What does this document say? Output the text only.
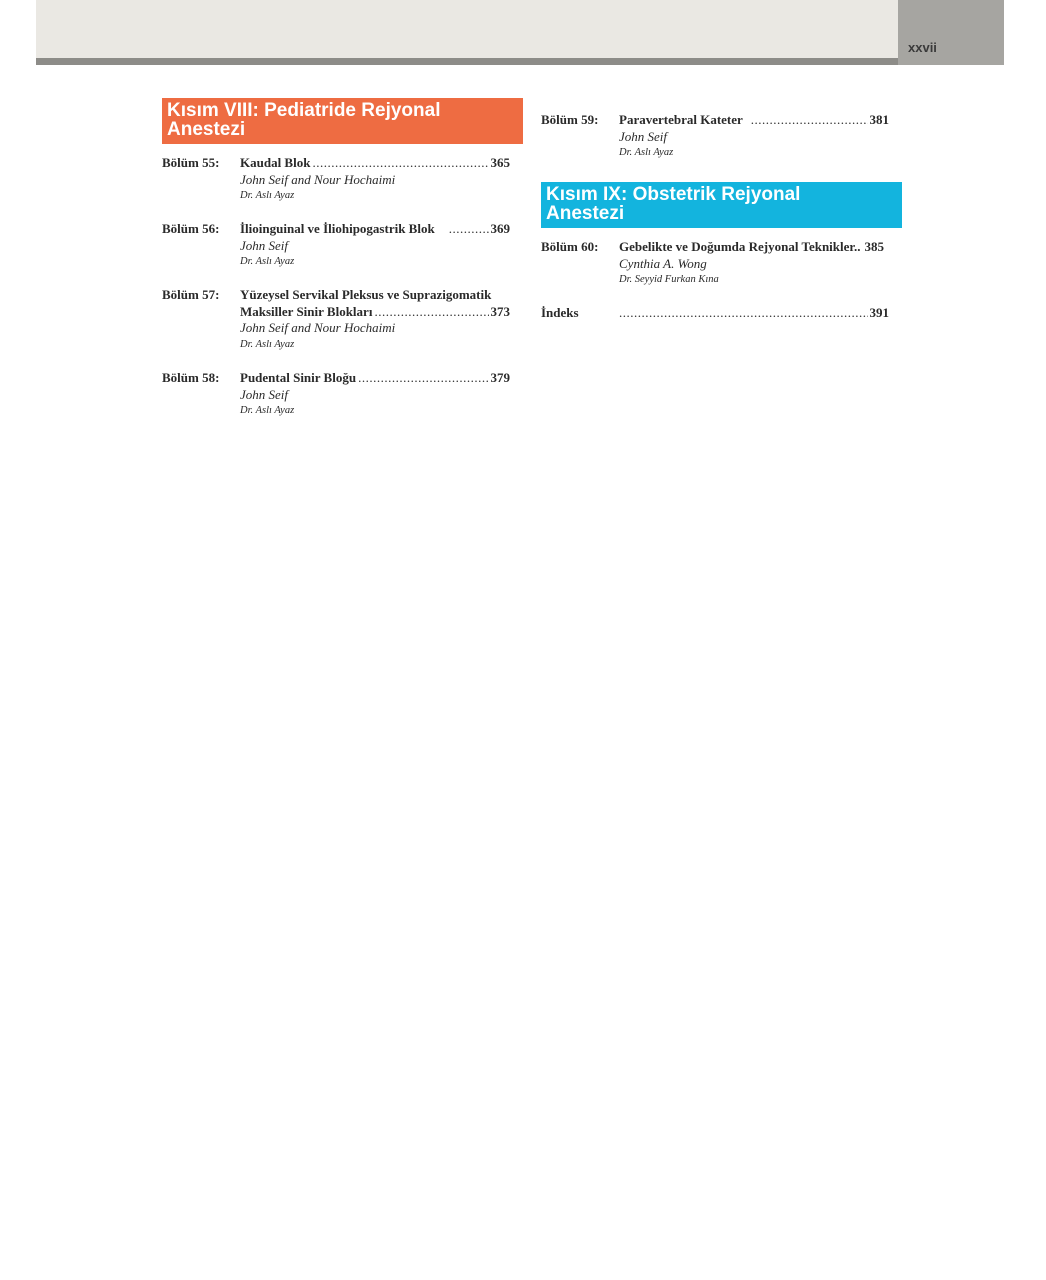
xxvii
Kısım VIII: Pediatride Rejyonal
Anestezi
Bölüm 55: Kaudal Blok .....	365
John Seif and Nour Hochaimi
Dr. Aslı Ayaz
Bölüm 56: İlioinguinal ve İliohipogastrik Blok .....	369
John Seif
Dr. Aslı Ayaz
Bölüm 57: Yüzeysel Servikal Pleksus ve Suprazigomatik
Maksiller Sinir Blokları .....	373
John Seif and Nour Hochaimi
Dr. Aslı Ayaz
Bölüm 58: Pudental Sinir Bloğu .....	379
John Seif
Dr. Aslı Ayaz
Bölüm 59: Paravertebral Kateter .....	381
John Seif
Dr. Aslı Ayaz
Kısım IX: Obstetrik Rejyonal
Anestezi
Bölüm 60: Gebelikte ve Doğumda Rejyonal Teknikler.. 385
Cynthia A. Wong
Dr. Seyyid Furkan Kına
İndeks .....	391
